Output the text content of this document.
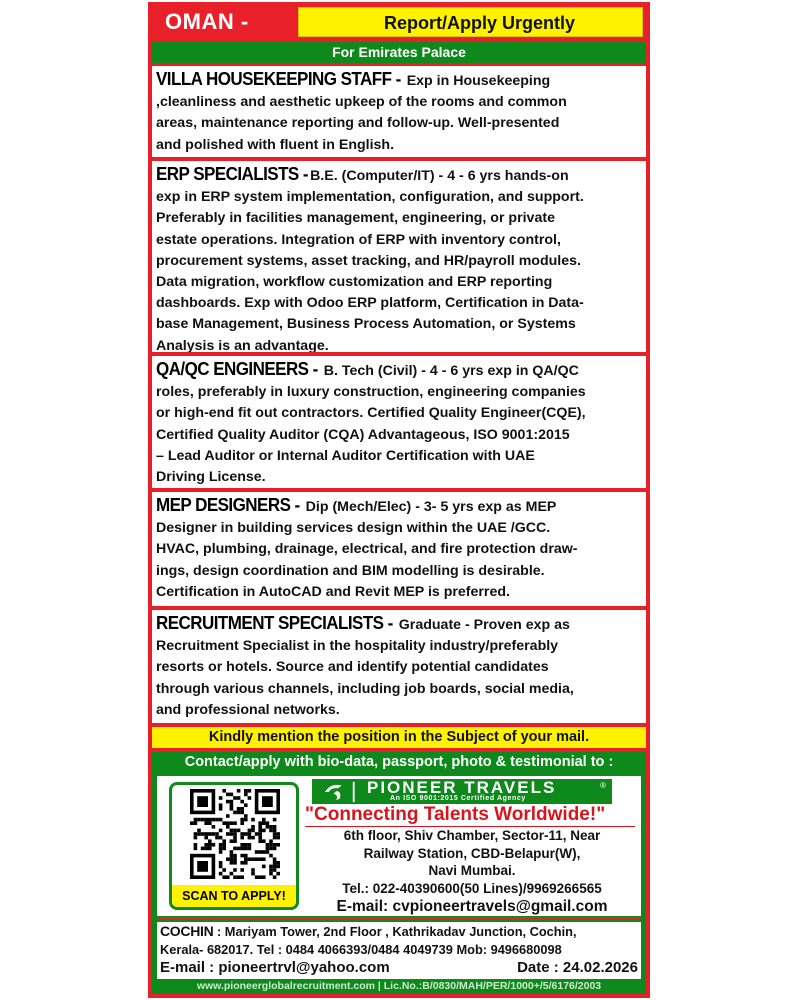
OMAN -	Report/Apply Urgently
For Emirates Palace
VILLA HOUSEKEEPING STAFF - Exp in Housekeeping
,cleanliness and aesthetic upkeep of the rooms and common
areas, maintenance reporting and follow-up. Well-presented
and polished with fluent in English.
ERP SPECIALISTS - B.E. (Computer/IT) - 4 - 6 yrs hands-on
exp in ERP system implementation, configuration, and support.
Preferably in facilities management, engineering, or private
estate operations. Integration of ERP with inventory control,
procurement systems, asset tracking, and HR/payroll modules.
Data migration, workflow customization and ERP reporting
dashboards. Exp with Odoo ERP platform, Certification in Data-
base Management, Business Process Automation, or Systems
Analysis is an advantage.
QA/QC ENGINEERS - B. Tech (Civil) - 4 - 6 yrs exp in QA/QC
roles, preferably in luxury construction, engineering companies
or high-end fit out contractors. Certified Quality Engineer(CQE),
Certified Quality Auditor (CQA) Advantageous, ISO 9001:2015
– Lead Auditor or Internal Auditor Certification with UAE
Driving License.
MEP DESIGNERS - Dip (Mech/Elec) - 3- 5 yrs exp as MEP
Designer in building services design within the UAE /GCC.
HVAC, plumbing, drainage, electrical, and fire protection draw-
ings, design coordination and BIM modelling is desirable.
Certification in AutoCAD and Revit MEP is preferred.
RECRUITMENT SPECIALISTS - Graduate - Proven exp as
Recruitment Specialist in the hospitality industry/preferably
resorts or hotels. Source and identify potential candidates
through various channels, including job boards, social media,
and professional networks.
Kindly mention the position in the Subject of your mail.
Contact/apply with bio-data, passport, photo & testimonial to :
SCAN TO APPLY!
PIONEER TRAVELS	®
An ISO 9001:2015 Certified Agency
"Connecting Talents Worldwide!"
6th floor, Shiv Chamber, Sector-11, Near
Railway Station, CBD-Belapur(W),
Navi Mumbai.
Tel.: 022-40390600(50 Lines)/9969266565
E-mail: cvpioneertravels@gmail.com
COCHIN : Mariyam Tower, 2nd Floor , Kathrikadav Junction, Cochin,
Kerala- 682017. Tel : 0484 4066393/0484 4049739 Mob: 9496680098
E-mail : pioneertrvl@yahoo.com	Date : 24.02.2026
www.pioneerglobalrecruitment.com | Lic.No.:B/0830/MAH/PER/1000+/5/6176/2003
